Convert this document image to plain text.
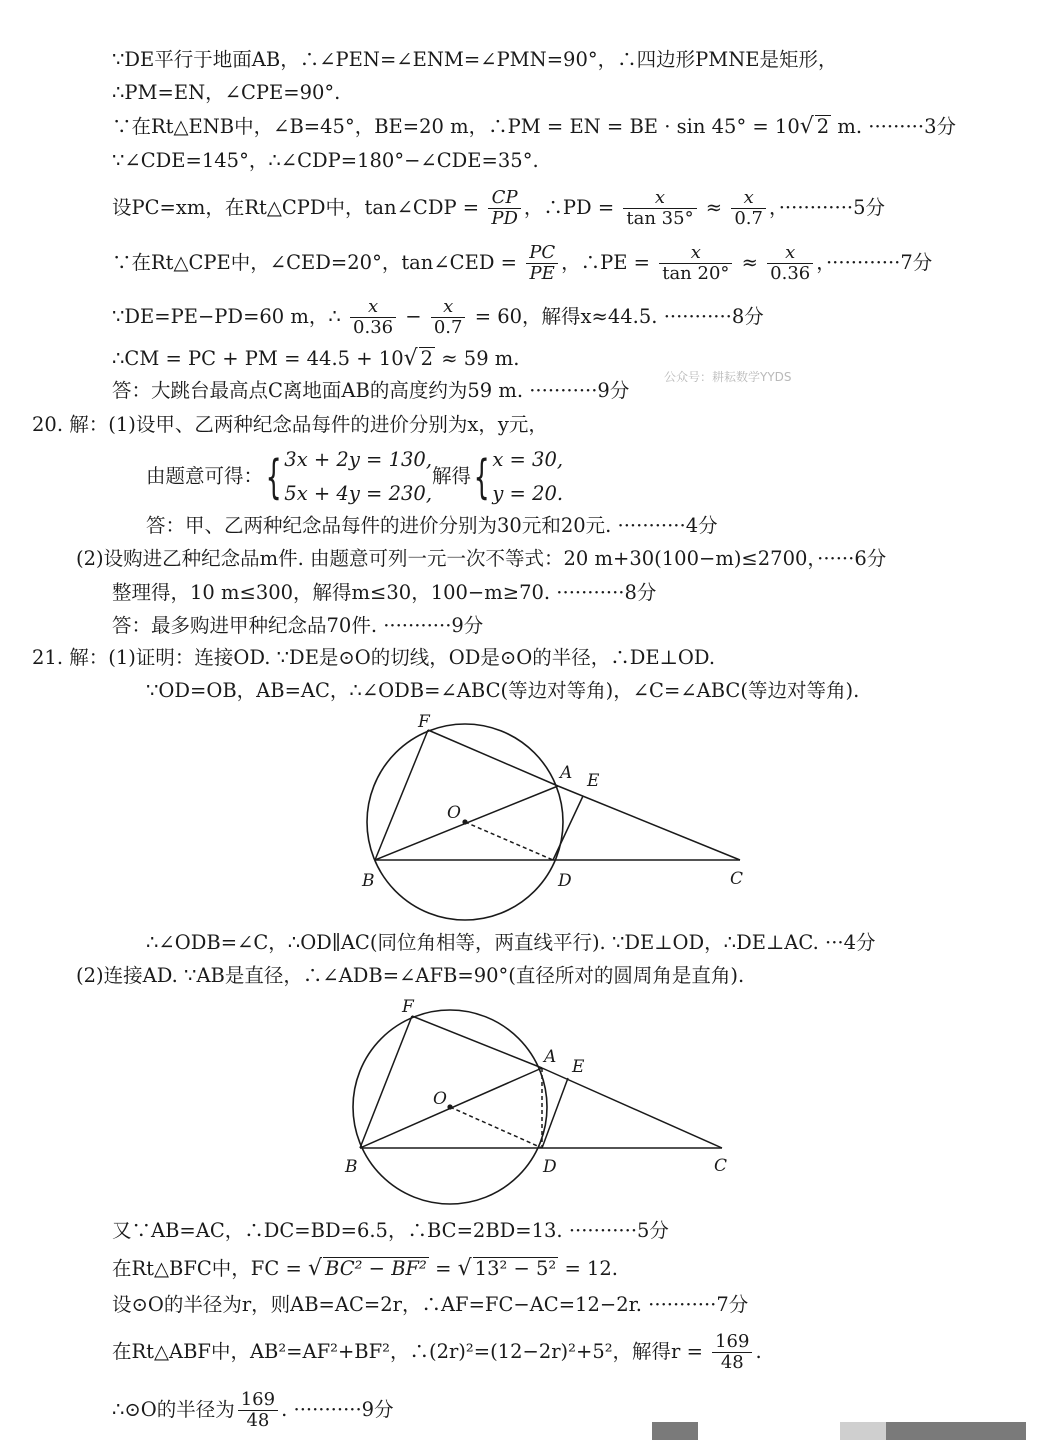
∵DE平行于地面AB，∴∠PEN=∠ENM=∠PMN=90°，∴四边形PMNE是矩形，
∴PM=EN，∠CPE=90°.
∵在Rt△ENB中，∠B=45°，BE=20 m，∴PM = EN = BE · sin 45° = 10√ 2 m. ·········3分
∵∠CDE=145°，∴∠CDP=180°−∠CDE=35°.
设PC=xm，在Rt△CPD中，tan∠CDP = $\frac{CP}{PD}$ ，∴PD = $\frac{x}{\tan 35^\circ} \approx \frac{x}{0.7}$ ，············5分
∵在Rt△CPE中，∠CED=20°，tan∠CED = $\frac{PC}{PE}$ ，∴PE = $\frac{x}{\tan 20^\circ} \approx \frac{x}{0.36}$ ，············7分
∵DE=PE−PD=60 m，∴ $\frac{x}{0.36} - \frac{x}{0.7} = 60$，解得x≈44.5. ···········8分
∴CM = PC + PM = 44.5 + 10√ 2 ≈ 59 m.
公众号：耕耘数学YYDS
答：大跳台最高点C离地面AB的高度约为59 m. ···········9分
20. 解：(1)设甲、乙两种纪念品每件的进价分别为x，y元，
由题意可得：{ 3x + 2y = 130,
5x + 4y = 230,
解得{ x = 30,
y = 20.
答：甲、乙两种纪念品每件的进价分别为30元和20元. ···········4分
(2)设购进乙种纪念品m件. 由题意可列一元一次不等式：20 m+30(100−m)≤2700，······6分
整理得，10 m≤300，解得m≤30，100−m≥70. ···········8分
答：最多购进甲种纪念品70件. ···········9分
21. 解：(1)证明：连接OD. ∵DE是⊙O的切线，OD是⊙O的半径，∴DE⊥OD.
∵OD=OB，AB=AC，∴∠ODB=∠ABC(等边对等角)，∠C=∠ABC(等边对等角).
F
A E
O
B	D	C
∴∠ODB=∠C，∴OD∥AC(同位角相等，两直线平行). ∵DE⊥OD，∴DE⊥AC. ···4分
(2)连接AD. ∵AB是直径，∴∠ADB=∠AFB=90°(直径所对的圆周角是直角).
F
A E
O
B	D	C
又∵AB=AC，∴DC=BD=6.5，∴BC=2BD=13. ···········5分
在Rt△BFC中，FC = √ BC² − BF² = √ 13² − 5² = 12.
设⊙O的半径为r，则AB=AC=2r，∴AF=FC−AC=12−2r. ···········7分
在Rt△ABF中，AB²=AF²+BF²，∴(2r)²=(12−2r)²+5²，解得$r = \frac{169}{48}$ .
∴⊙O的半径为 $\frac{169}{48}$ . ···········9分
